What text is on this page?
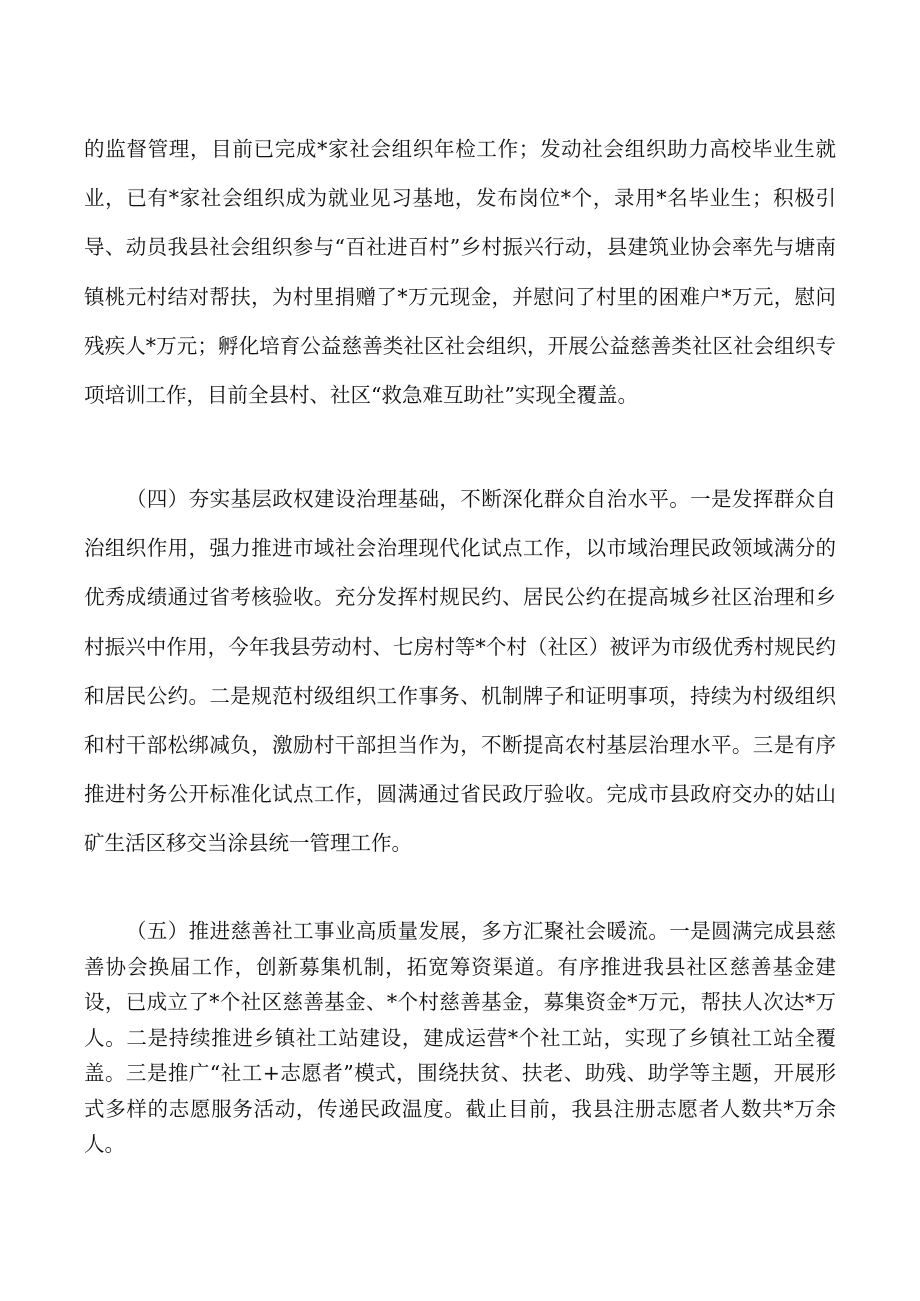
的监督管理，目前已完成*家社会组织年检工作；发动社会组织助力高校毕业生就业，已有*家社会组织成为就业见习基地，发布岗位*个，录用*名毕业生；积极引导、动员我县社会组织参与“百社进百村”乡村振兴行动，县建筑业协会率先与塘南镇桃元村结对帮扶，为村里捐赠了*万元现金，并慰问了村里的困难户*万元，慰问残疾人*万元；孵化培育公益慈善类社区社会组织，开展公益慈善类社区社会组织专项培训工作，目前全县村、社区“救急难互助社”实现全覆盖。

（四）夯实基层政权建设治理基础，不断深化群众自治水平。一是发挥群众自治组织作用，强力推进市域社会治理现代化试点工作，以市域治理民政领域满分的优秀成绩通过省考核验收。充分发挥村规民约、居民公约在提高城乡社区治理和乡村振兴中作用，今年我县劳动村、七房村等*个村（社区）被评为市级优秀村规民约和居民公约。二是规范村级组织工作事务、机制牌子和证明事项，持续为村级组织和村干部松绑减负，激励村干部担当作为，不断提高农村基层治理水平。三是有序推进村务公开标准化试点工作，圆满通过省民政厅验收。完成市县政府交办的姑山矿生活区移交当涂县统一管理工作。

（五）推进慈善社工事业高质量发展，多方汇聚社会暖流。一是圆满完成县慈善协会换届工作，创新募集机制，拓宽筹资渠道。有序推进我县社区慈善基金建设，已成立了*个社区慈善基金、*个村慈善基金，募集资金*万元，帮扶人次达*万人。二是持续推进乡镇社工站建设，建成运营*个社工站，实现了乡镇社工站全覆盖。三是推广“社工+志愿者”模式，围绕扶贫、扶老、助残、助学等主题，开展形式多样的志愿服务活动，传递民政温度。截止目前，我县注册志愿者人数共*万余人。
